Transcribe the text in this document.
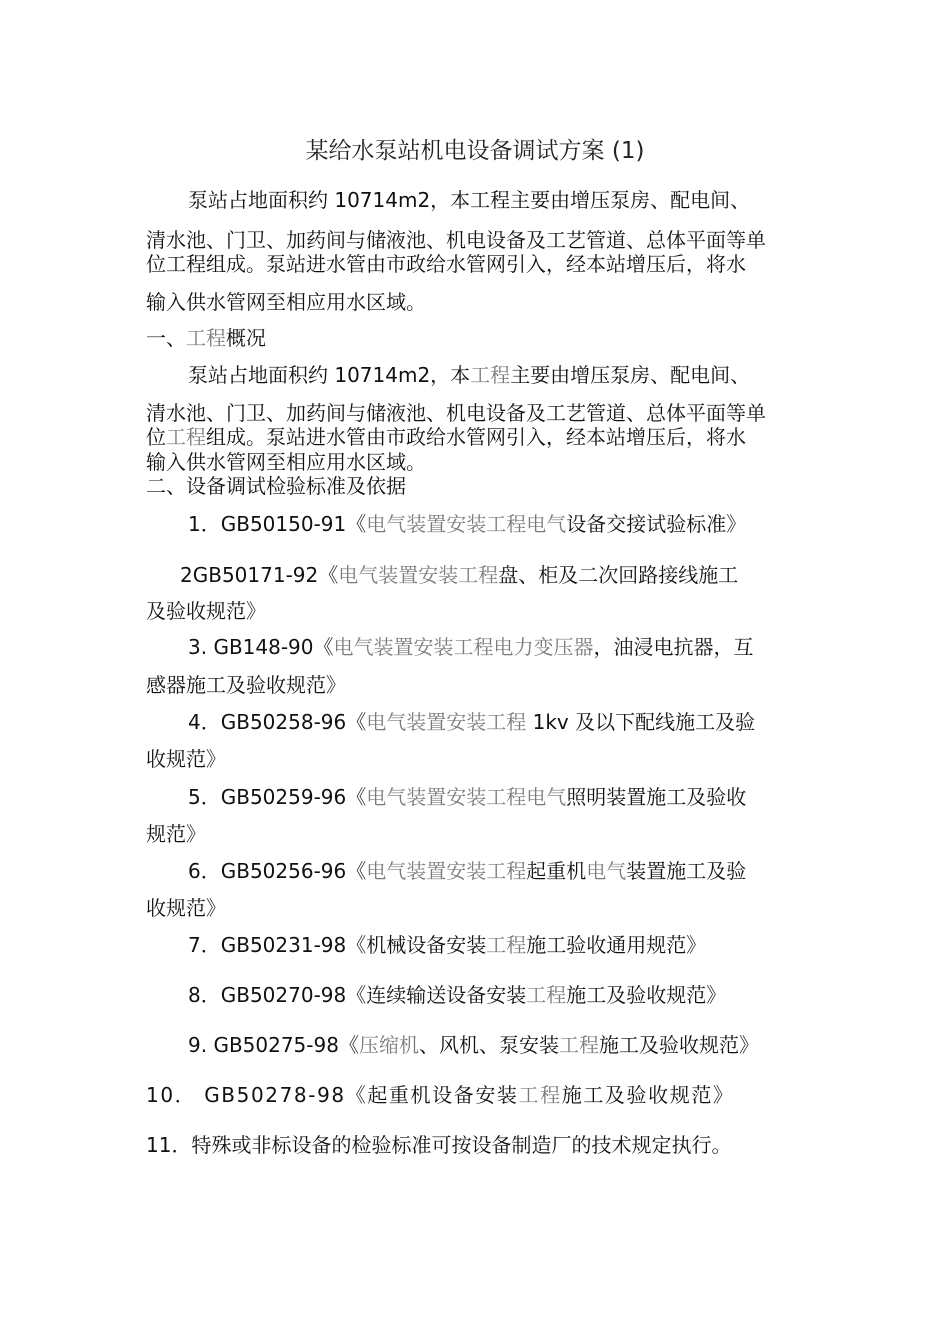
某给水泵站机电设备调试方案 (1)
泵站占地面积约 10714m2，本工程主要由增压泵房、配电间、
清水池、门卫、加药间与储液池、机电设备及工艺管道、总体平面等单
位工程组成。泵站进水管由市政给水管网引入，经本站增压后，将水
输入供水管网至相应用水区域。
一、工程概况
泵站占地面积约 10714m2，本工程主要由增压泵房、配电间、
清水池、门卫、加药间与储液池、机电设备及工艺管道、总体平面等单
位工程组成。泵站进水管由市政给水管网引入，经本站增压后，将水
输入供水管网至相应用水区域。
二、设备调试检验标准及依据
1．GB50150-91《电气装置安装工程电气设备交接试验标准》
2GB50171-92《电气装置安装工程盘、柜及二次回路接线施工
及验收规范》
3. GB148-90《电气装置安装工程电力变压器，油浸电抗器，互
感器施工及验收规范》
4．GB50258-96《电气装置安装工程 1kv 及以下配线施工及验
收规范》
5．GB50259-96《电气装置安装工程电气照明装置施工及验收
规范》
6．GB50256-96《电气装置安装工程起重机电气装置施工及验
收规范》
7．GB50231-98《机械设备安装工程施工验收通用规范》
8．GB50270-98《连续输送设备安装工程施工及验收规范》
9. GB50275-98《压缩机、风机、泵安装工程施工及验收规范》
10． GB50278-98《起重机设备安装工程施工及验收规范》
11．特殊或非标设备的检验标准可按设备制造厂的技术规定执行。
